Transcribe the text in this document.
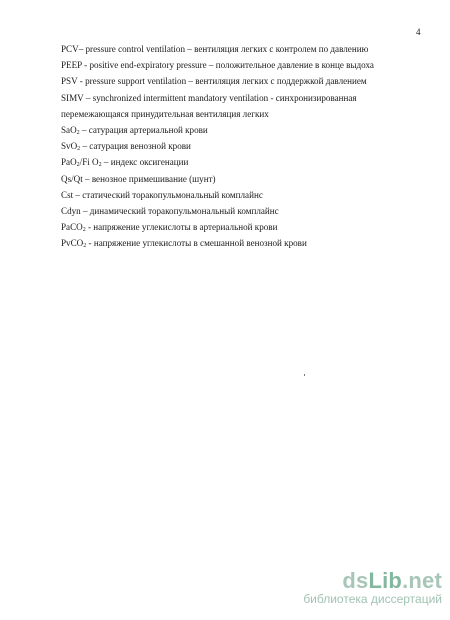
4
PCV– pressure control ventilation – вентиляция легких с контролем по давлению
PEEP - positive end-expiratory pressure – положительное давление в конце выдоха
PSV - pressure support ventilation – вентиляция легких с поддержкой давлением
SIMV – synchronized intermittent mandatory ventilation - синхронизированная
перемежающаяся принудительная вентиляция легких
SaO$_2$ – сатурация артериальной крови
SvO$_2$ – сатурация венозной крови
PaO$_2$/Fi $O_2$ – индекс оксигенации
Qs/Qt – венозное примешивание (шунт)
Cst – статический торакопульмональный комплайнс
Cdyn – динамический торакопульмональный комплайнс
PaCO$_2$ - напряжение углекислоты в артериальной крови
PvCO$_2$ - напряжение углекислоты в смешанной венозной крови
dsLib.net
библиотека диссертаций
